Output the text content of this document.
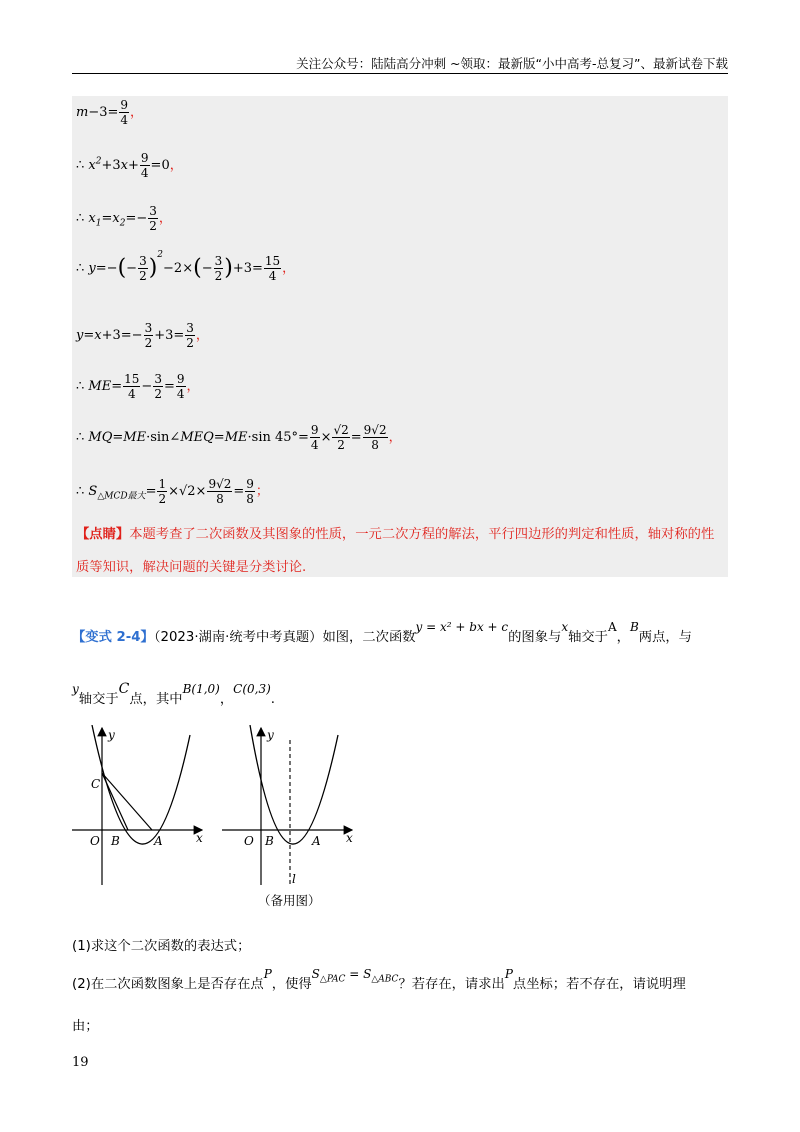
关注公众号：陆陆高分冲刺 ~领取：最新版“小中高考-总复习”、最新试卷下载
$m-3= \frac{9}{4}$ ，
∴ $x^2+3x+ \frac{9}{4} =0$，
∴ $x_1=x_2=- \frac{3}{2}$ ，
∴ $y=-(- \frac{3}{2} )^2-2\times(- \frac{3}{2} )+3= \frac{15}{4}$ ，
$y=x+3=- \frac{3}{2} +3= \frac{3}{2}$ ，
∴ $ME= \frac{15}{4} - \frac{3}{2} = \frac{9}{4}$ ，
∴ MQ=ME·sin∠MEQ=ME·sin $45^\circ= \frac{9}{4} \times \frac{√2}{2} = \frac{9√2}{8}$ ，
∴ $S_{\triangle MCD最大}= \frac{1}{2} \times√2\times \frac{9√2}{8} = \frac{9}{8}$ ；
【点睛】本题考查了二次函数及其图象的性质，一元二次方程的解法，平行四边形的判定和性质，轴对称的性质等知识，解决问题的关键是分类讨论.
【变式 2-4】（2023·湖南·统考中考真题）如图，二次函数y = x² + bx + c的图象与x轴交于A，B两点，与
y轴交于C点，其中B(1,0)，C(0,3).
y
x
O B	A
C
y
x
O B	A
l
（备用图）
(1)求这个二次函数的表达式；
(2)在二次函数图象上是否存在点P，使得$S_{\triangle PAC} = S_{\triangle ABC}$？若存在，请求出P点坐标；若不存在，请说明理
由；
19
